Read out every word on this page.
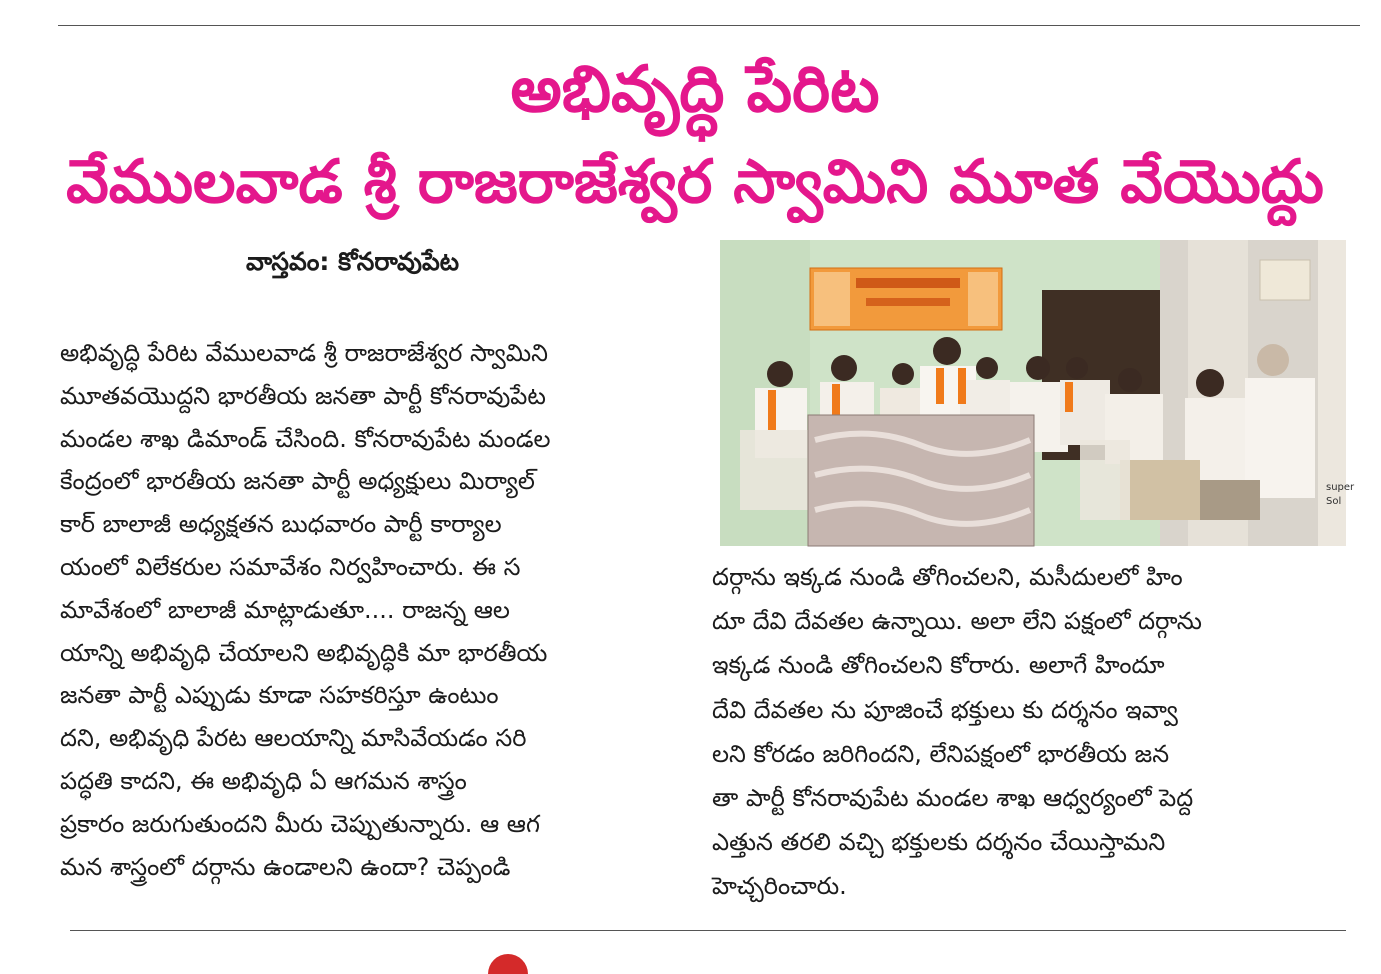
అభివృద్ధి పేరిట
వేములవాడ శ్రీ రాజరాజేశ్వర స్వామిని మూత వేయొద్దు
వాస్తవం: కోనరావుపేట
అభివృద్ధి పేరిట వేములవాడ శ్రీ రాజరాజేశ్వర స్వామిని
మూతవయొద్దని భారతీయ జనతా పార్టీ కోనరావుపేట
మండల శాఖ డిమాండ్ చేసింది. కోనరావుపేట మండల
కేంద్రంలో భారతీయ జనతా పార్టీ అధ్యక్షులు మిర్యాల్
కార్ బాలాజీ అధ్యక్షతన బుధవారం పార్టీ కార్యాల
యంలో విలేకరుల సమావేశం నిర్వహించారు. ఈ స
మావేశంలో బాలాజీ మాట్లాడుతూ.... రాజన్న ఆల
యాన్ని అభివృధి చేయాలని అభివృద్ధికి మా భారతీయ
జనతా పార్టీ ఎప్పుడు కూడా సహకరిస్తూ ఉంటుం
దని, అభివృధి పేరట ఆలయాన్ని మాసివేయడం సరి
పద్ధతి కాదని, ఈ అభివృధి ఏ ఆగమన శాస్త్రం
ప్రకారం జరుగుతుందని మీరు చెప్పుతున్నారు. ఆ ఆగ
మన శాస్త్రంలో దర్గాను ఉండాలని ఉందా? చెప్పండి
super
Sol
దర్గాను ఇక్కడ నుండి తోగించలని, మసీదులలో హిం
దూ దేవి దేవతల ఉన్నాయి. అలా లేని పక్షంలో దర్గాను
ఇక్కడ నుండి తోగించలని కోరారు. అలాగే హిందూ
దేవి దేవతల ను పూజించే భక్తులు కు దర్శనం ఇవ్వా
లని కోరడం జరిగిందని, లేనిపక్షంలో భారతీయ జన
తా పార్టీ కోనరావుపేట మండల శాఖ ఆధ్వర్యంలో పెద్ద
ఎత్తున తరలి వచ్చి భక్తులకు దర్శనం చేయిస్తామని
హెచ్చరించారు.
